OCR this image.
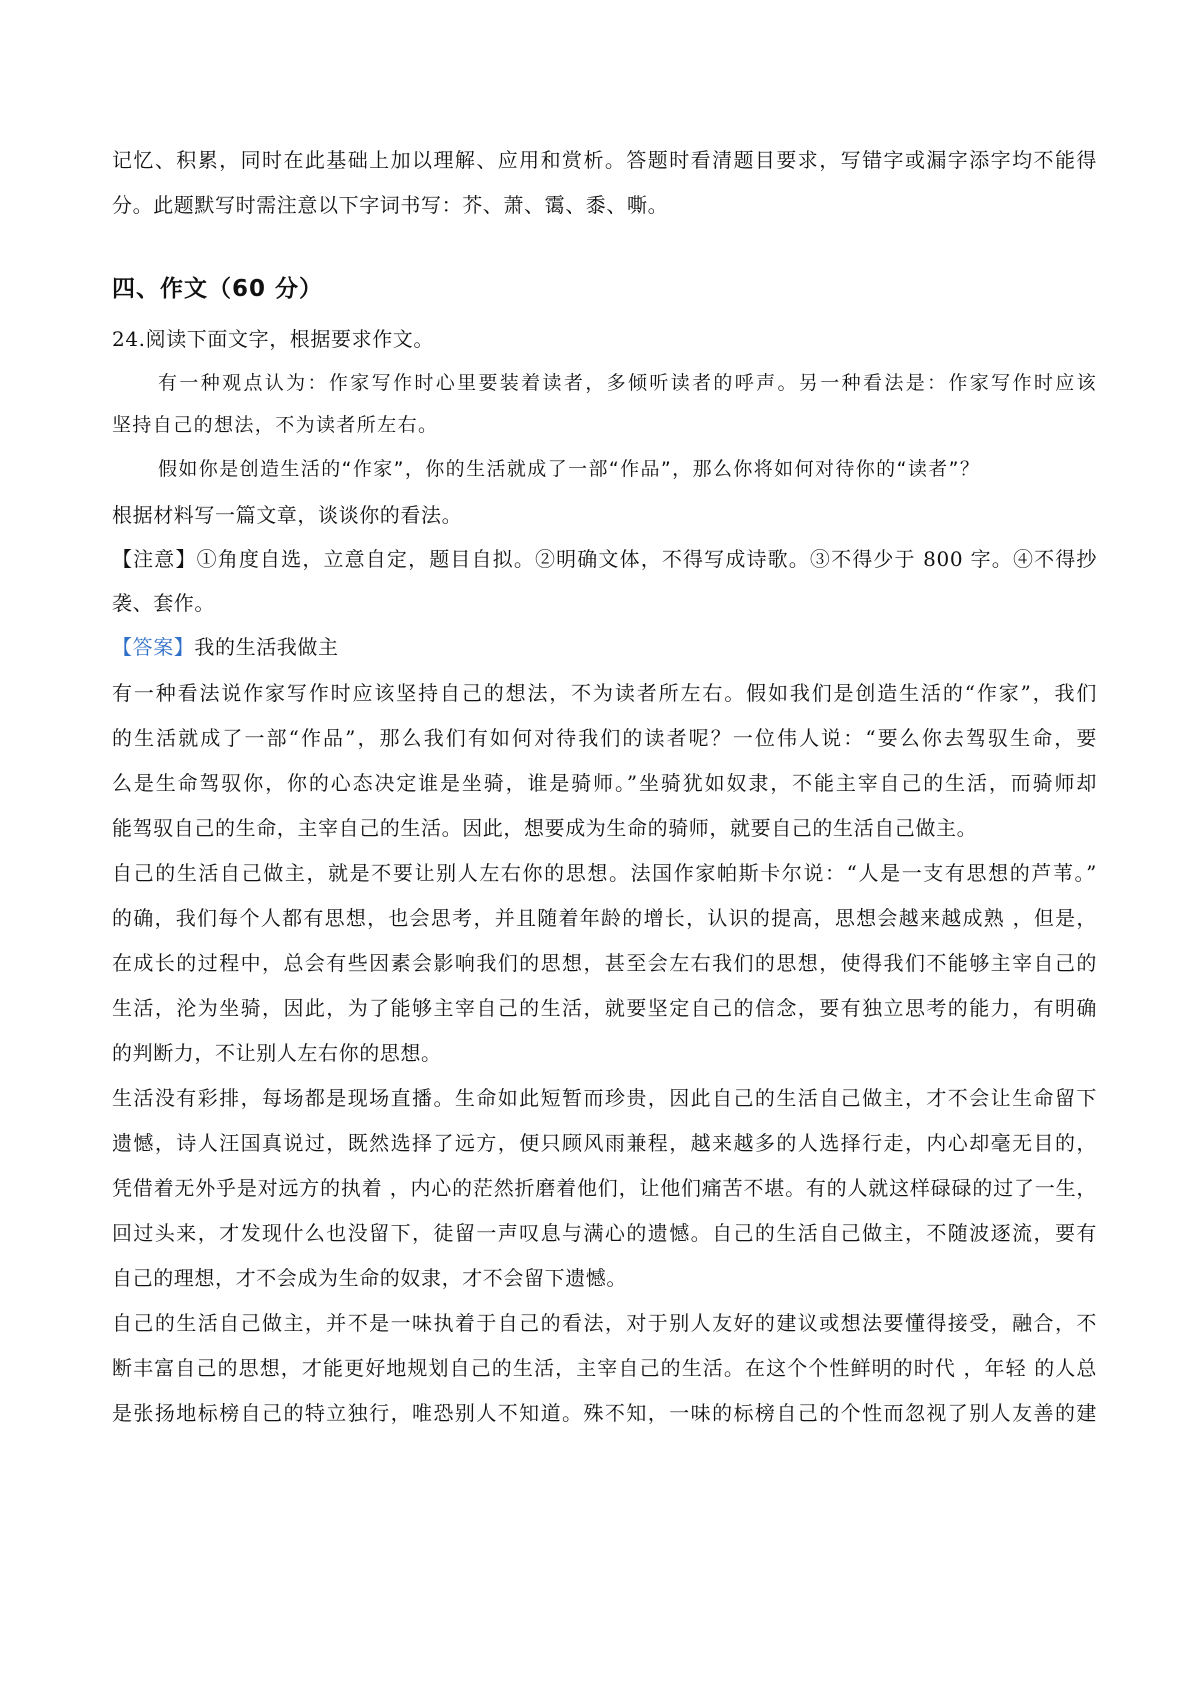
记忆、积累，同时在此基础上加以理解、应用和赏析。答题时看清题目要求，写错字或漏字添字均不能得
分。此题默写时需注意以下字词书写：芥、萧、霭、黍、嘶。
四、作文（60 分）
24.阅读下面文字，根据要求作文。
有一种观点认为：作家写作时心里要装着读者，多倾听读者的呼声。另一种看法是：作家写作时应该
坚持自己的想法，不为读者所左右。
假如你是创造生活的“作家”，你的生活就成了一部“作品”，那么你将如何对待你的“读者”？
根据材料写一篇文章，谈谈你的看法。
【注意】①角度自选，立意自定，题目自拟。②明确文体，不得写成诗歌。③不得少于 800 字。④不得抄
袭、套作。
【答案】我的生活我做主
有一种看法说作家写作时应该坚持自己的想法，不为读者所左右。假如我们是创造生活的“作家”，我们
的生活就成了一部“作品”，那么我们有如何对待我们的读者呢？一位伟人说：“要么你去驾驭生命，要
么是生命驾驭你，你的心态决定谁是坐骑，谁是骑师。”坐骑犹如奴隶，不能主宰自己的生活，而骑师却
能驾驭自己的生命，主宰自己的生活。因此，想要成为生命的骑师，就要自己的生活自己做主。
自己的生活自己做主，就是不要让别人左右你的思想。法国作家帕斯卡尔说：“人是一支有思想的芦苇。”
的确，我们每个人都有思想，也会思考，并且随着年龄的增长，认识的提高，思想会越来越成熟 ，但是，
在成长的过程中，总会有些因素会影响我们的思想，甚至会左右我们的思想，使得我们不能够主宰自己的
生活，沦为坐骑，因此，为了能够主宰自己的生活，就要坚定自己的信念，要有独立思考的能力，有明确
的判断力，不让别人左右你的思想。
生活没有彩排，每场都是现场直播。生命如此短暂而珍贵，因此自己的生活自己做主，才不会让生命留下
遗憾，诗人汪国真说过，既然选择了远方，便只顾风雨兼程，越来越多的人选择行走，内心却毫无目的，
凭借着无外乎是对远方的执着 ，内心的茫然折磨着他们，让他们痛苦不堪。有的人就这样碌碌的过了一生，
回过头来，才发现什么也没留下，徒留一声叹息与满心的遗憾。自己的生活自己做主，不随波逐流，要有
自己的理想，才不会成为生命的奴隶，才不会留下遗憾。
自己的生活自己做主，并不是一味执着于自己的看法，对于别人友好的建议或想法要懂得接受，融合，不
断丰富自己的思想，才能更好地规划自己的生活，主宰自己的生活。在这个个性鲜明的时代 ，年轻 的人总
是张扬地标榜自己的特立独行，唯恐别人不知道。殊不知，一味的标榜自己的个性而忽视了别人友善的建
